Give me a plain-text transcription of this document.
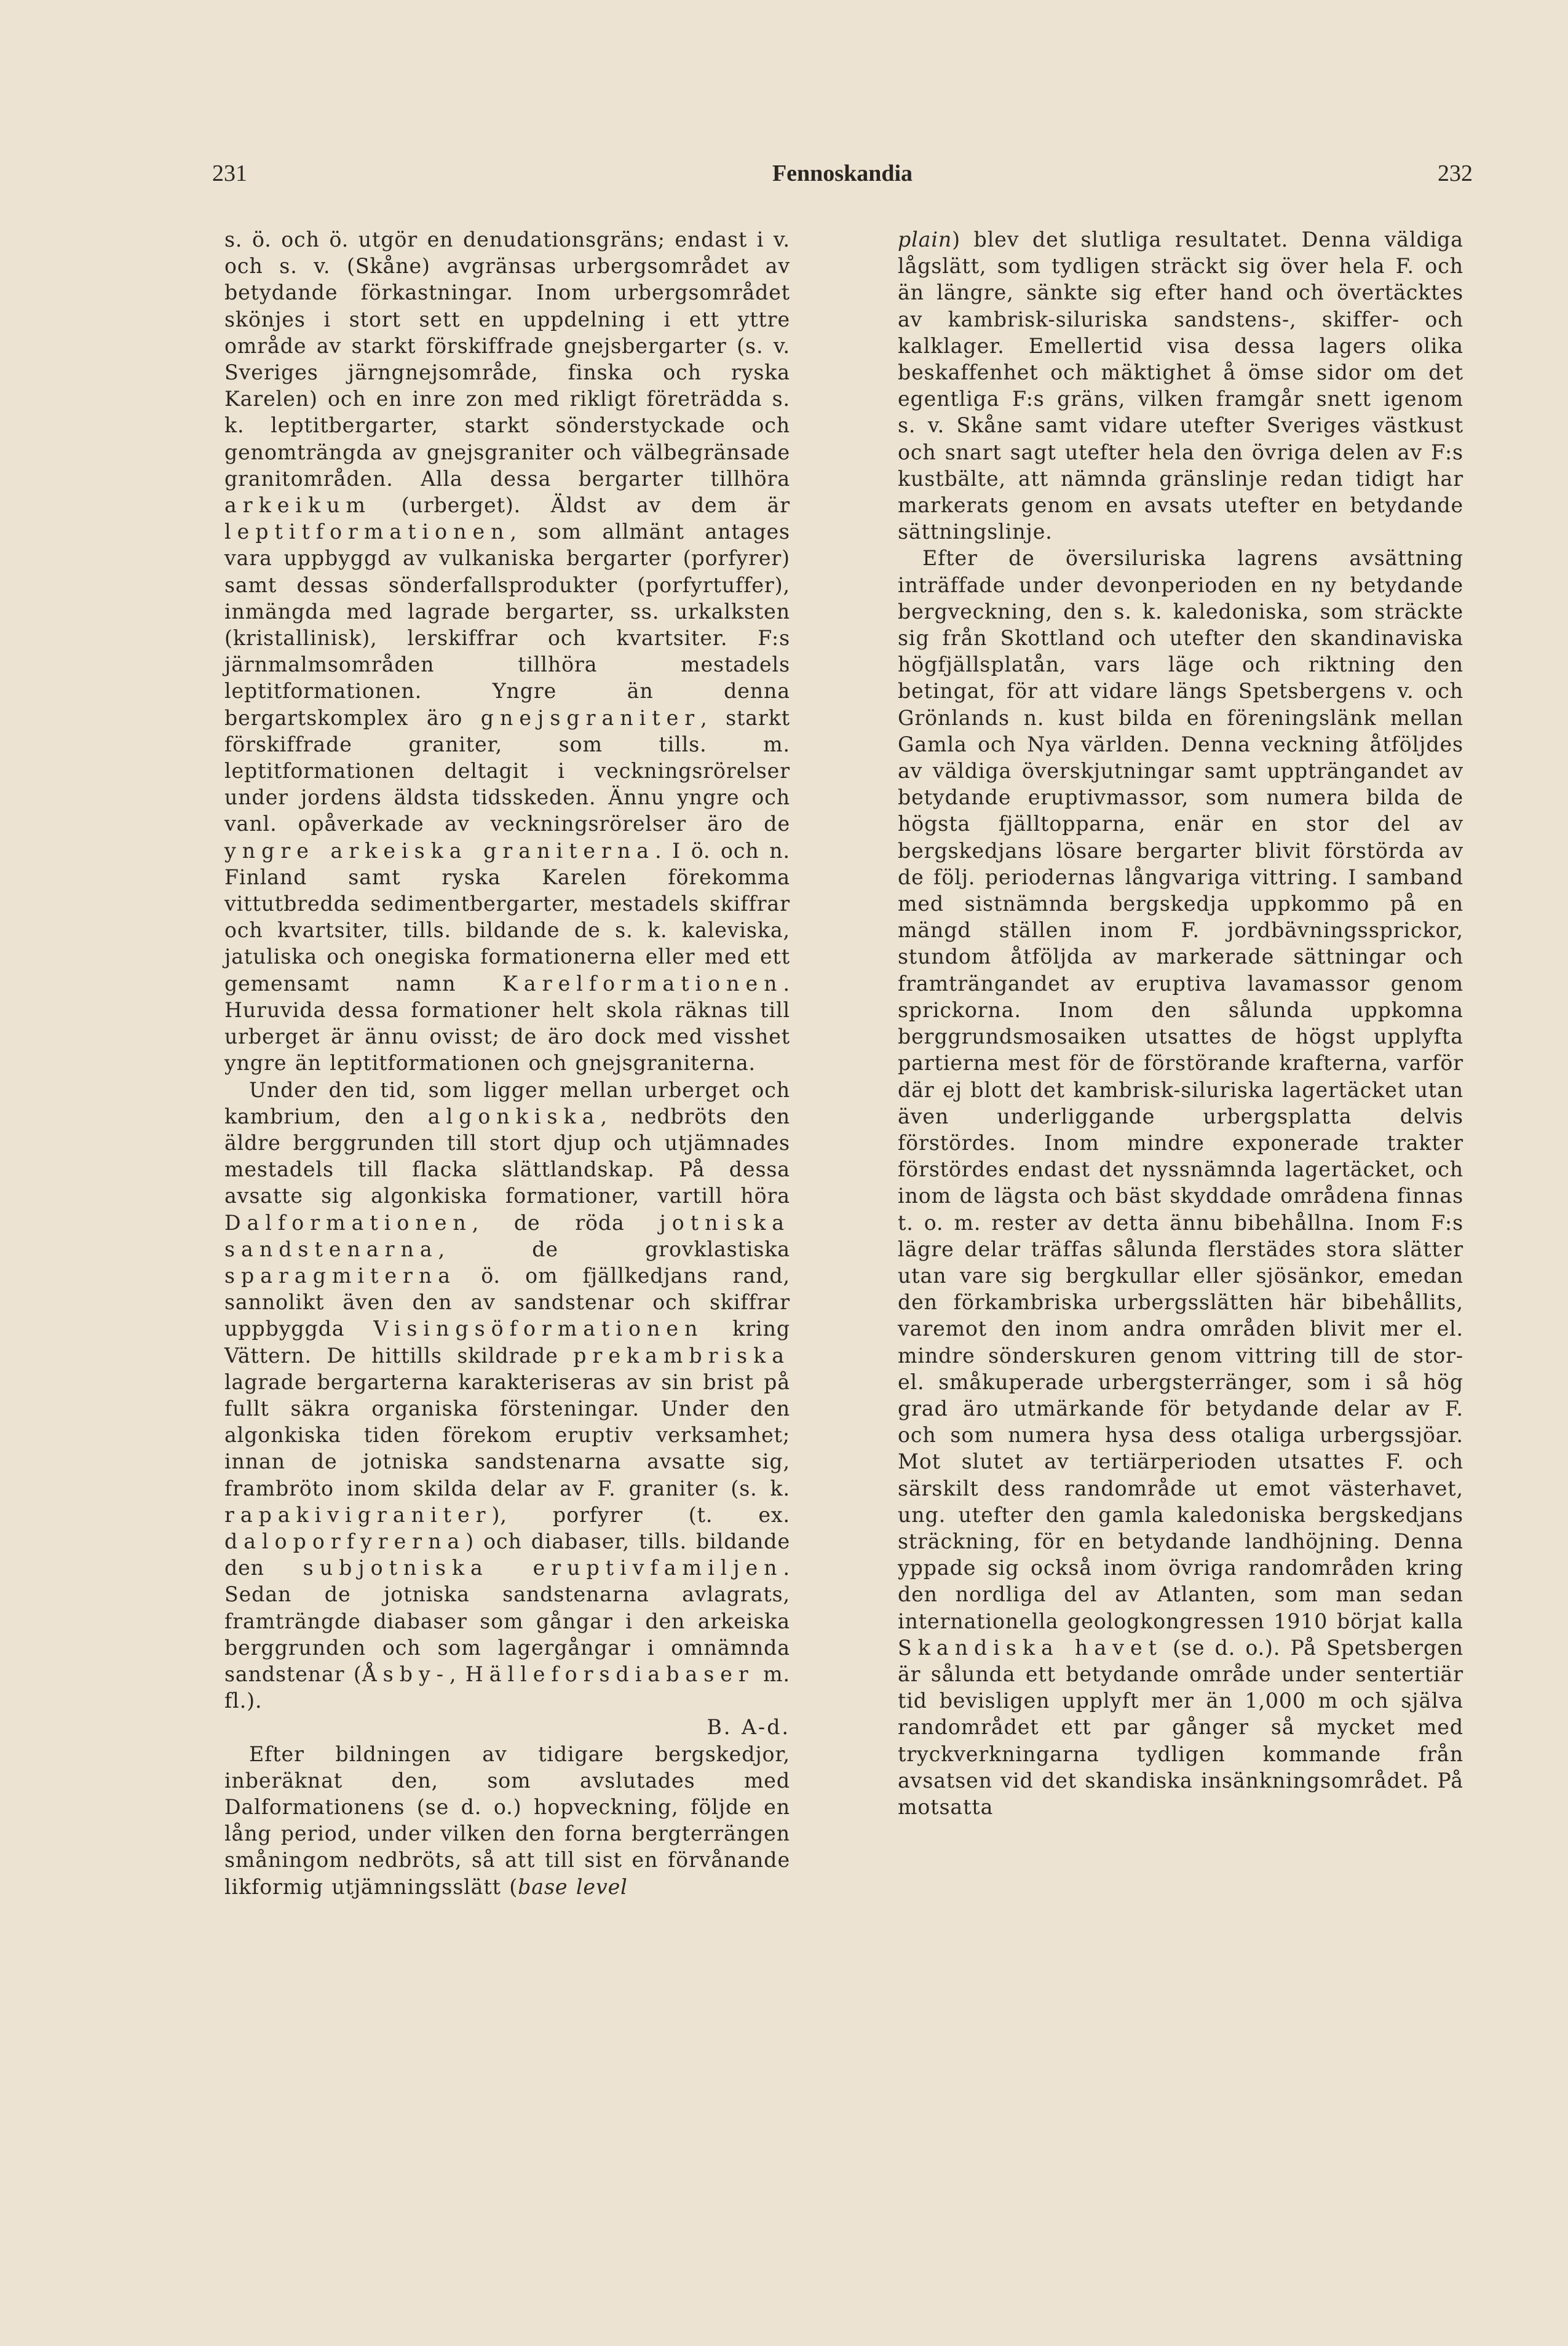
231	Fennoskandia	232

s. ö. och ö. utgör en denudationsgräns; endast i v. och s. v. (Skåne) avgränsas urbergsområdet av betydande förkastningar. Inom urbergsområdet skönjes i stort sett en uppdelning i ett yttre område av starkt förskiffrade gnejsbergarter (s. v. Sveriges järngnejsområde, finska och ryska Karelen) och en inre zon med rikligt företrädda s. k. leptitbergarter, starkt sönderstyckade och genomträngda av gnejsgraniter och välbegränsade granitområden. Alla dessa bergarter tillhöra arkeikum (urberget). Äldst av dem är leptitformationen, som allmänt antages vara uppbyggd av vulkaniska bergarter (porfyrer) samt dessas sönderfallsprodukter (porfyrtuffer), inmängda med lagrade bergarter, ss. urkalksten (kristallinisk), lerskiffrar och kvartsiter. F:s järnmalmsområden tillhöra mestadels leptitformationen. Yngre än denna bergartskomplex äro gnejsgraniter, starkt förskiffrade graniter, som tills. m. leptitformationen deltagit i veckningsrörelser under jordens äldsta tidsskeden. Ännu yngre och vanl. opåverkade av veckningsrörelser äro de yngre arkeiska graniterna. I ö. och n. Finland samt ryska Karelen förekomma vittutbredda sedimentbergarter, mestadels skiffrar och kvartsiter, tills. bildande de s. k. kaleviska, jatuliska och onegiska formationerna eller med ett gemensamt namn Karelformationen. Huruvida dessa formationer helt skola räknas till urberget är ännu ovisst; de äro dock med visshet yngre än leptitformationen och gnejsgraniterna.

Under den tid, som ligger mellan urberget och kambrium, den algonkiska, nedbröts den äldre berggrunden till stort djup och utjämnades mestadels till flacka slättlandskap. På dessa avsatte sig algonkiska formationer, vartill höra Dalformationen, de röda jotniska sandstenarna, de grovklastiska sparagmiterna ö. om fjällkedjans rand, sannolikt även den av sandstenar och skiffrar uppbyggda Visingsöformationen kring Vättern. De hittills skildrade prekambriska lagrade bergarterna karakteriseras av sin brist på fullt säkra organiska försteningar. Under den algonkiska tiden förekom eruptiv verksamhet; innan de jotniska sandstenarna avsatte sig, frambröto inom skilda delar av F. graniter (s. k. rapakivigraniter), porfyrer (t. ex. daloporfyrerna) och diabaser, tills. bildande den subjotniska eruptivfamiljen. Sedan de jotniska sandstenarna avlagrats, framträngde diabaser som gångar i den arkeiska berggrunden och som lagergångar i omnämnda sandstenar (Åsby-, Hälleforsdiabaser m. fl.).
B. A-d.

Efter bildningen av tidigare bergskedjor, inberäknat den, som avslutades med Dalformationens (se d. o.) hopveckning, följde en lång period, under vilken den forna bergterrängen småningom nedbröts, så att till sist en förvånande likformig utjämningsslätt (base level

plain) blev det slutliga resultatet. Denna väldiga lågslätt, som tydligen sträckt sig över hela F. och än längre, sänkte sig efter hand och övertäcktes av kambrisk-siluriska sandstens-, skiffer- och kalklager. Emellertid visa dessa lagers olika beskaffenhet och mäktighet å ömse sidor om det egentliga F:s gräns, vilken framgår snett igenom s. v. Skåne samt vidare utefter Sveriges västkust och snart sagt utefter hela den övriga delen av F:s kustbälte, att nämnda gränslinje redan tidigt har markerats genom en avsats utefter en betydande sättningslinje.

Efter de översiluriska lagrens avsättning inträffade under devonperioden en ny betydande bergveckning, den s. k. kaledoniska, som sträckte sig från Skottland och utefter den skandinaviska högfjällsplatån, vars läge och riktning den betingat, för att vidare längs Spetsbergens v. och Grönlands n. kust bilda en föreningslänk mellan Gamla och Nya världen. Denna veckning åtföljdes av väldiga överskjutningar samt uppträngandet av betydande eruptivmassor, som numera bilda de högsta fjälltopparna, enär en stor del av bergskedjans lösare bergarter blivit förstörda av de följ. periodernas långvariga vittring. I samband med sistnämnda bergskedja uppkommo på en mängd ställen inom F. jordbävningssprickor, stundom åtföljda av markerade sättningar och framträngandet av eruptiva lavamassor genom sprickorna. Inom den sålunda uppkomna berggrundsmosaiken utsattes de högst upplyfta partierna mest för de förstörande krafterna, varför där ej blott det kambrisk-siluriska lagertäcket utan även underliggande urbergsplatta delvis förstördes. Inom mindre exponerade trakter förstördes endast det nyssnämnda lagertäcket, och inom de lägsta och bäst skyddade områdena finnas t. o. m. rester av detta ännu bibehållna. Inom F:s lägre delar träffas sålunda flerstädes stora slätter utan vare sig bergkullar eller sjösänkor, emedan den förkambriska urbergsslätten här bibehållits, varemot den inom andra områden blivit mer el. mindre sönderskuren genom vittring till de stor- el. småkuperade urbergsterränger, som i så hög grad äro utmärkande för betydande delar av F. och som numera hysa dess otaliga urbergssjöar. Mot slutet av tertiärperioden utsattes F. och särskilt dess randområde ut emot västerhavet, ung. utefter den gamla kaledoniska bergskedjans sträckning, för en betydande landhöjning. Denna yppade sig också inom övriga randområden kring den nordliga del av Atlanten, som man sedan internationella geologkongressen 1910 börjat kalla Skandiska havet (se d. o.). På Spetsbergen är sålunda ett betydande område under sentertiär tid bevisligen upplyft mer än 1,000 m och själva randområdet ett par gånger så mycket med tryckverkningarna tydligen kommande från avsatsen vid det skandiska insänkningsområdet. På motsatta
